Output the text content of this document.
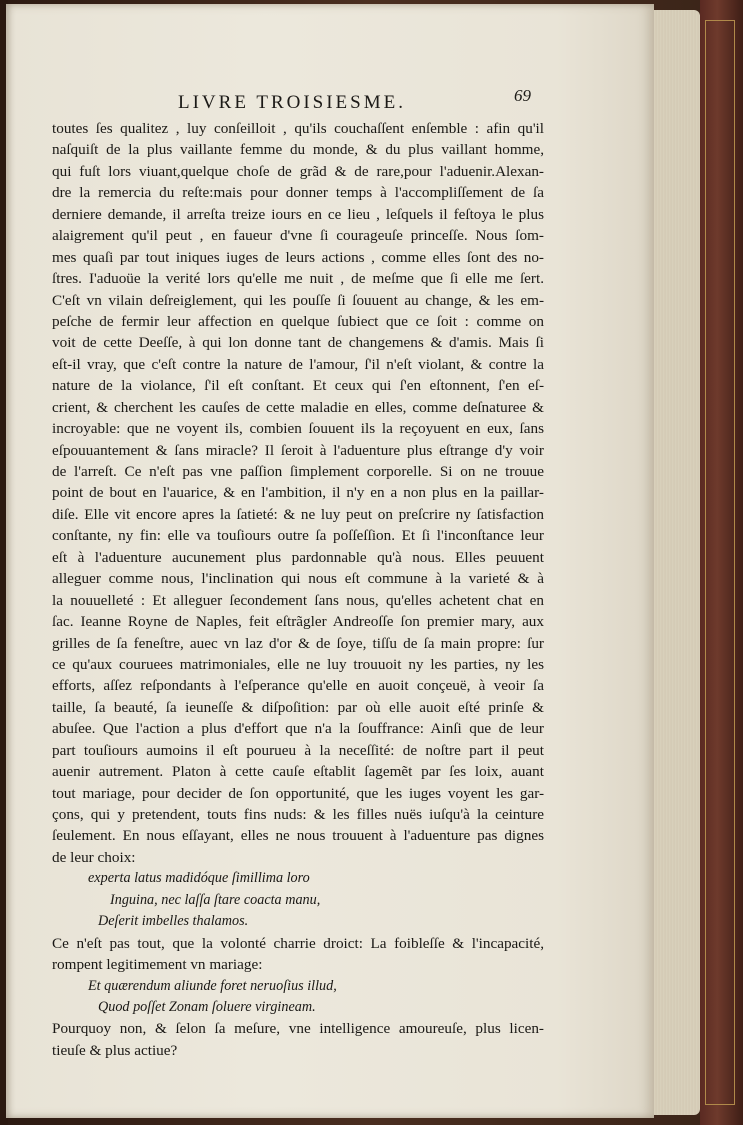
LIVRE TROISIESME.	69
toutes ſes qualitez , luy conſeilloit , qu'ils couchaſſent enſemble : afin qu'il
naſquiſt de la plus vaillante femme du monde, & du plus vaillant homme,
qui fuſt lors viuant,quelque choſe de grãd & de rare,pour l'aduenir.Alexan-
dre la remercia du reſte:mais pour donner temps à l'accompliſſement de ſa
derniere demande, il arreſta treize iours en ce lieu , leſquels il feſtoya le plus
alaigrement qu'il peut , en faueur d'vne ſi courageuſe princeſſe. Nous ſom-
mes quaſi par tout iniques iuges de leurs actions , comme elles ſont des no-
ſtres. I'aduoüe la verité lors qu'elle me nuit , de meſme que ſi elle me ſert.
C'eſt vn vilain deſreiglement, qui les pouſſe ſi ſouuent au change, & les em-
peſche de fermir leur affection en quelque ſubiect que ce ſoit : comme on
voit de cette Deeſſe, à qui lon donne tant de changemens & d'amis. Mais ſi
eſt-il vray, que c'eſt contre la nature de l'amour, ſ'il n'eſt violant, & contre la
nature de la violance, ſ'il eſt conſtant. Et ceux qui ſ'en eſtonnent, ſ'en eſ-
crient, & cherchent les cauſes de cette maladie en elles, comme deſnaturee &
incroyable: que ne voyent ils, combien ſouuent ils la reçoyuent en eux, ſans
eſpouuantement & ſans miracle? Il ſeroit à l'aduenture plus eſtrange d'y voir
de l'arreſt. Ce n'eſt pas vne paſſion ſimplement corporelle. Si on ne trouue
point de bout en l'auarice, & en l'ambition, il n'y en a non plus en la paillar-
diſe. Elle vit encore apres la ſatieté: & ne luy peut on preſcrire ny ſatisfaction
conſtante, ny fin: elle va touſiours outre ſa poſſeſſion. Et ſi l'inconſtance leur
eſt à l'aduenture aucunement plus pardonnable qu'à nous. Elles peuuent
alleguer comme nous, l'inclination qui nous eſt commune à la varieté & à
la nouuelleté : Et alleguer ſecondement ſans nous, qu'elles achetent chat en
ſac. Ieanne Royne de Naples, feit eſtrãgler Andreoſſe ſon premier mary, aux
grilles de ſa feneſtre, auec vn laz d'or & de ſoye, tiſſu de ſa main propre: ſur
ce qu'aux couruees matrimoniales, elle ne luy trouuoit ny les parties, ny les
efforts, aſſez reſpondants à l'eſperance qu'elle en auoit conçeuë, à veoir ſa
taille, ſa beauté, ſa ieuneſſe & diſpoſition: par où elle auoit eſté prinſe &
abuſee. Que l'action a plus d'effort que n'a la ſouffrance: Ainſi que de leur
part touſiours aumoins il eſt pourueu à la neceſſité: de noſtre part il peut
auenir autrement. Platon à cette cauſe eſtablit ſagemẽt par ſes loix, auant
tout mariage, pour decider de ſon opportunité, que les iuges voyent les gar-
çons, qui y pretendent, touts fins nuds: & les filles nuës iuſqu'à la ceinture
ſeulement. En nous eſſayant, elles ne nous trouuent à l'aduenture pas dignes
de leur choix:
experta latus madidóque ſimillima loro
Inguina, nec laſſa ſtare coacta manu,
Deſerit imbelles thalamos.
Ce n'eſt pas tout, que la volonté charrie droict: La foibleſſe & l'incapacité,
rompent legitimement vn mariage:
Et quærendum aliunde foret neruoſius illud,
Quod poſſet Zonam ſoluere virgineam.
Pourquoy non, & ſelon ſa meſure, vne intelligence amoureuſe, plus licen-
tieuſe & plus actiue?
